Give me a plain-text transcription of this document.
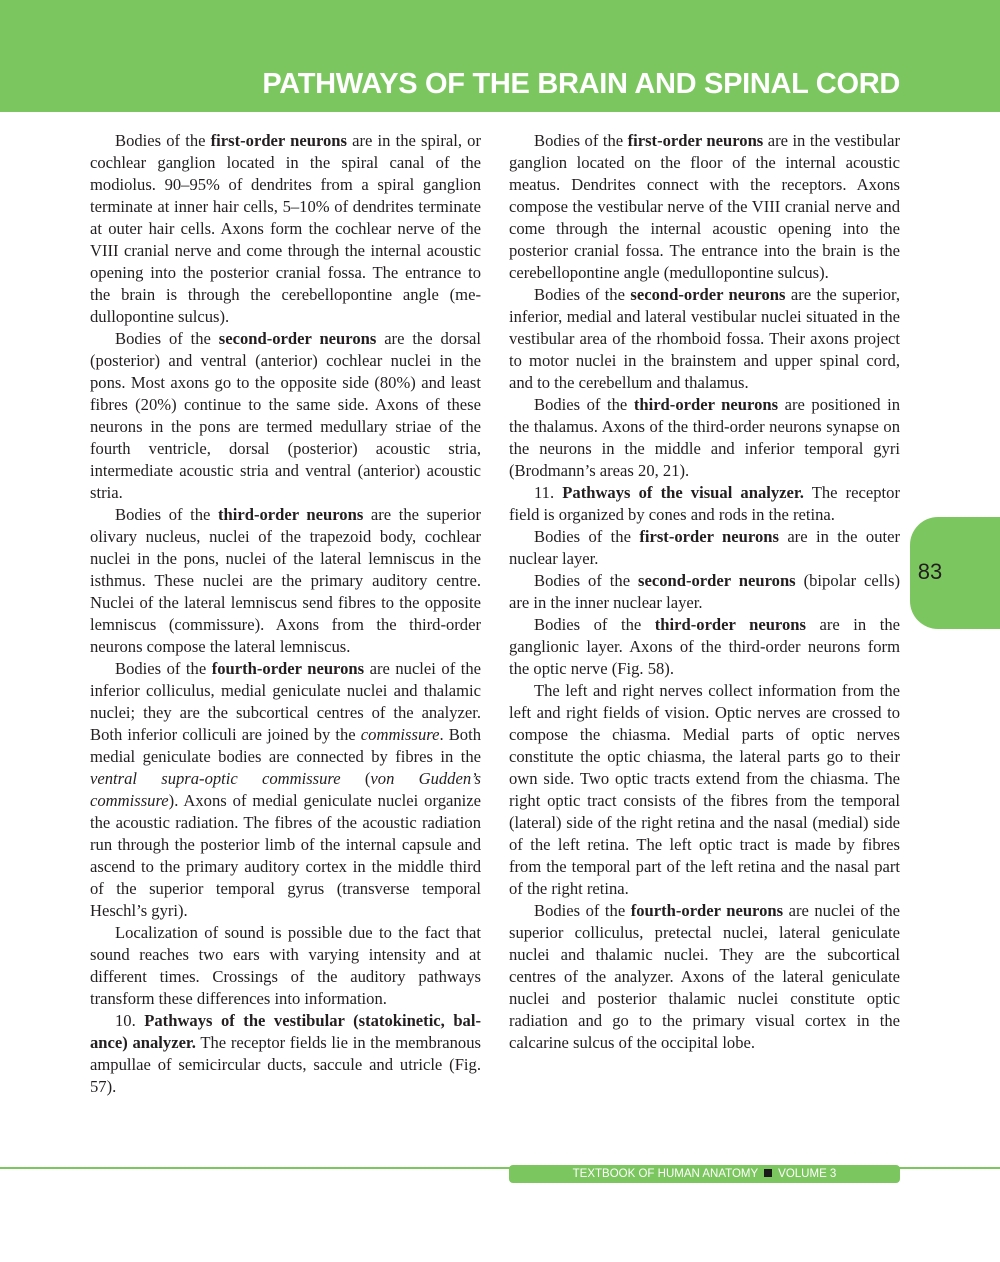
PATHWAYS OF THE BRAIN AND SPINAL CORD

Bodies of the first-order neurons are in the spiral, or cochlear ganglion located in the spiral canal of the modiolus. 90–95% of dendrites from a spiral ganglion terminate at inner hair cells, 5–10% of dendrites terminate at outer hair cells. Axons form the cochlear nerve of the VIII cranial nerve and come through the internal acoustic opening into the posterior cranial fossa. The entrance to the brain is through the cerebellopontine angle (medullopontine sulcus).

Bodies of the second-order neurons are the dorsal (posterior) and ventral (anterior) cochlear nuclei in the pons. Most axons go to the opposite side (80%) and least fibres (20%) continue to the same side. Axons of these neurons in the pons are termed medullary striae of the fourth ventricle, dorsal (posterior) acoustic stria, intermediate acoustic stria and ventral (anterior) acoustic stria.

Bodies of the third-order neurons are the superior olivary nucleus, nuclei of the trapezoid body, cochlear nuclei in the pons, nuclei of the lateral lemniscus in the isthmus. These nuclei are the primary auditory centre. Nuclei of the lateral lemniscus send fibres to the opposite lemniscus (commissure). Axons from the third-order neurons compose the lateral lemniscus.

Bodies of the fourth-order neurons are nuclei of the inferior colliculus, medial geniculate nuclei and thalamic nuclei; they are the subcortical centres of the analyzer. Both inferior colliculi are joined by the commissure. Both medial geniculate bodies are connected by fibres in the ventral supra-optic commissure (von Gudden’s commissure). Axons of medial geniculate nuclei organize the acoustic radiation. The fibres of the acoustic radiation run through the posterior limb of the internal capsule and ascend to the primary auditory cortex in the middle third of the superior temporal gyrus (transverse temporal Heschl’s gyri).

Localization of sound is possible due to the fact that sound reaches two ears with varying intensity and at different times. Crossings of the auditory pathways transform these differences into information.

10. Pathways of the vestibular (statokinetic, balance) analyzer. The receptor fields lie in the membranous ampullae of semicircular ducts, saccule and utricle (Fig. 57).

Bodies of the first-order neurons are in the vestibular ganglion located on the floor of the internal acoustic meatus. Dendrites connect with the receptors. Axons compose the vestibular nerve of the VIII cranial nerve and come through the internal acoustic opening into the posterior cranial fossa. The entrance into the brain is the cerebellopontine angle (medullopontine sulcus).

Bodies of the second-order neurons are the superior, inferior, medial and lateral vestibular nuclei situated in the vestibular area of the rhomboid fossa. Their axons project to motor nuclei in the brainstem and upper spinal cord, and to the cerebellum and thalamus.

Bodies of the third-order neurons are positioned in the thalamus. Axons of the third-order neurons synapse on the neurons in the middle and inferior temporal gyri (Brodmann’s areas 20, 21).

11. Pathways of the visual analyzer. The receptor field is organized by cones and rods in the retina.

Bodies of the first-order neurons are in the outer nuclear layer.

Bodies of the second-order neurons (bipolar cells) are in the inner nuclear layer.

Bodies of the third-order neurons are in the ganglionic layer. Axons of the third-order neurons form the optic nerve (Fig. 58).

The left and right nerves collect information from the left and right fields of vision. Optic nerves are crossed to compose the chiasma. Medial parts of optic nerves constitute the optic chiasma, the lateral parts go to their own side. Two optic tracts extend from the chiasma. The right optic tract consists of the fibres from the temporal (lateral) side of the right retina and the nasal (medial) side of the left retina. The left optic tract is made by fibres from the temporal part of the left retina and the nasal part of the right retina.

Bodies of the fourth-order neurons are nuclei of the superior colliculus, pretectal nuclei, lateral geniculate nuclei and thalamic nuclei. They are the subcortical centres of the analyzer. Axons of the lateral geniculate nuclei and posterior thalamic nuclei constitute optic radiation and go to the primary visual cortex in the calcarine sulcus of the occipital lobe.

83
TEXTBOOK OF HUMAN ANATOMY VOLUME 3
